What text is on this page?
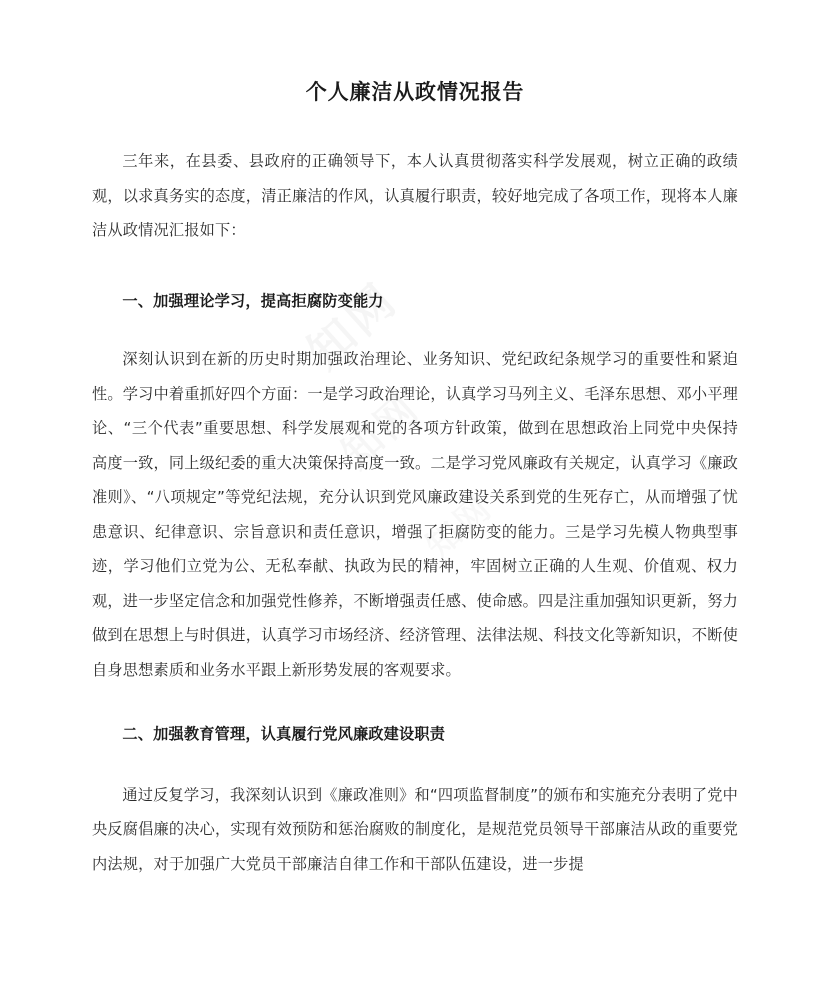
个人廉洁从政情况报告

三年来，在县委、县政府的正确领导下，本人认真贯彻落实科学发展观，树立正确的政绩观，以求真务实的态度，清正廉洁的作风，认真履行职责，较好地完成了各项工作，现将本人廉洁从政情况汇报如下：

一、加强理论学习，提高拒腐防变能力

深刻认识到在新的历史时期加强政治理论、业务知识、党纪政纪条规学习的重要性和紧迫性。学习中着重抓好四个方面：一是学习政治理论，认真学习马列主义、毛泽东思想、邓小平理论、“三个代表”重要思想、科学发展观和党的各项方针政策，做到在思想政治上同党中央保持高度一致，同上级纪委的重大决策保持高度一致。二是学习党风廉政有关规定，认真学习《廉政准则》、“八项规定”等党纪法规，充分认识到党风廉政建设关系到党的生死存亡，从而增强了忧患意识、纪律意识、宗旨意识和责任意识，增强了拒腐防变的能力。三是学习先模人物典型事迹，学习他们立党为公、无私奉献、执政为民的精神，牢固树立正确的人生观、价值观、权力观，进一步坚定信念和加强党性修养，不断增强责任感、使命感。四是注重加强知识更新，努力做到在思想上与时俱进，认真学习市场经济、经济管理、法律法规、科技文化等新知识，不断使自身思想素质和业务水平跟上新形势发展的客观要求。

二、加强教育管理，认真履行党风廉政建设职责

通过反复学习，我深刻认识到《廉政准则》和“四项监督制度”的颁布和实施充分表明了党中央反腐倡廉的决心，实现有效预防和惩治腐败的制度化，是规范党员领导干部廉洁从政的重要党内法规，对于加强广大党员干部廉洁自律工作和干部队伍建设，进一步提
